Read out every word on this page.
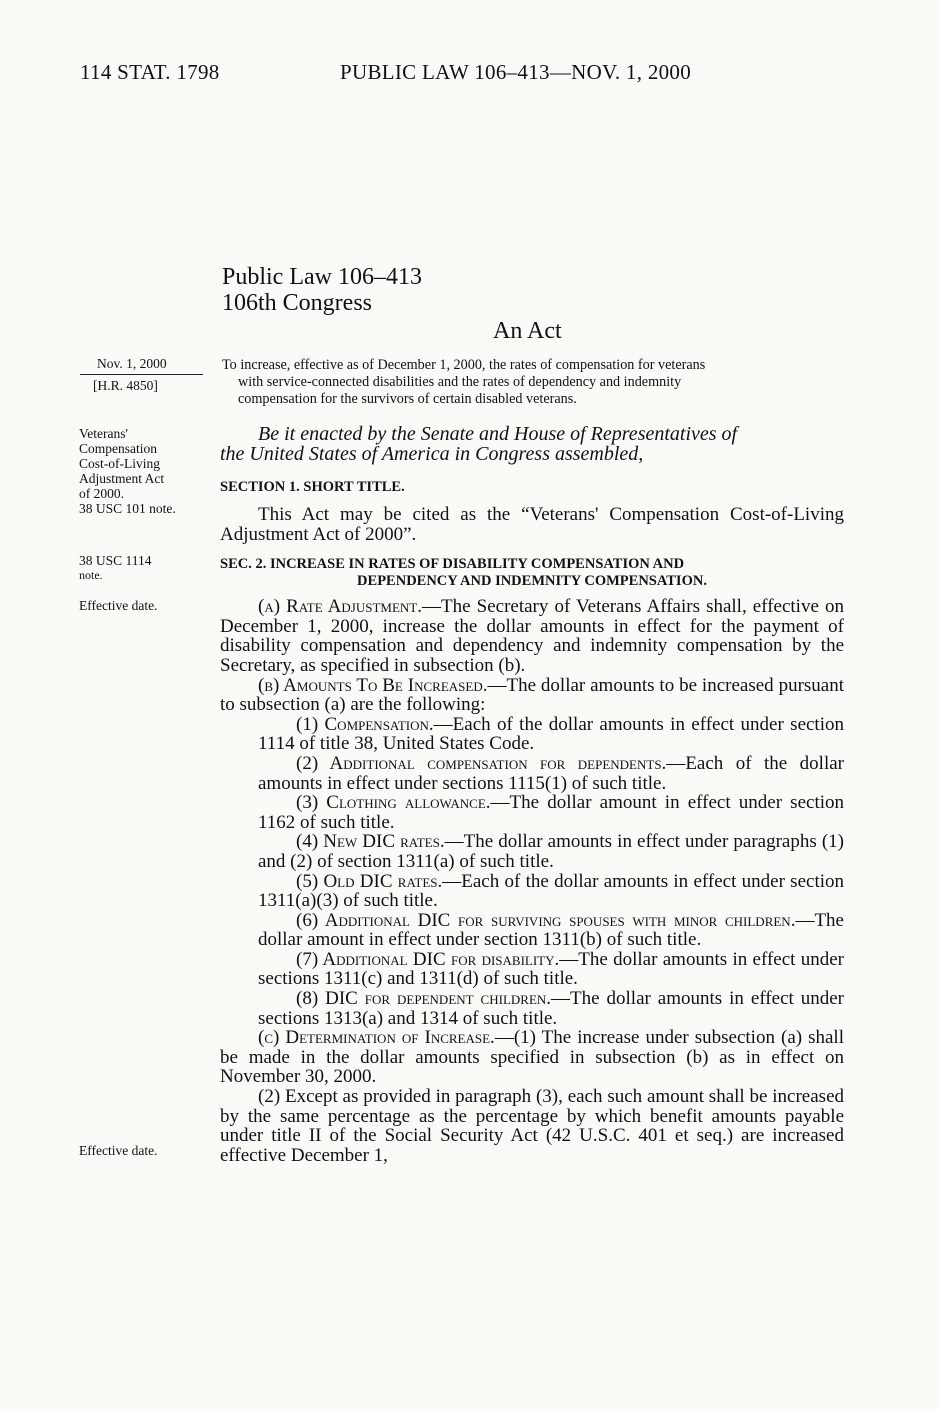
114 STAT. 1798	PUBLIC LAW 106–413—NOV. 1, 2000
Public Law 106–413
106th Congress
An Act
Nov. 1, 2000
[H.R. 4850]
Veterans'
Compensation
Cost-of-Living
Adjustment Act
of 2000.
38 USC 101 note.
38 USC 1114
note.
Effective date.
Effective date.
To increase, effective as of December 1, 2000, the rates of compensation for veterans
with service-connected disabilities and the rates of dependency and indemnity
compensation for the survivors of certain disabled veterans.
Be it enacted by the Senate and House of Representatives of
the United States of America in Congress assembled,
SECTION 1. SHORT TITLE.

This Act may be cited as the “Veterans' Compensation Cost-of-Living Adjustment Act of 2000”.

SEC. 2. INCREASE IN RATES OF DISABILITY COMPENSATION AND
DEPENDENCY AND INDEMNITY COMPENSATION.

(a) Rate Adjustment.—The Secretary of Veterans Affairs shall, effective on December 1, 2000, increase the dollar amounts in effect for the payment of disability compensation and dependency and indemnity compensation by the Secretary, as specified in subsection (b).

(b) Amounts To Be Increased.—The dollar amounts to be increased pursuant to subsection (a) are the following:

(1) Compensation.—Each of the dollar amounts in effect under section 1114 of title 38, United States Code.

(2) Additional compensation for dependents.—Each of the dollar amounts in effect under sections 1115(1) of such title.

(3) Clothing allowance.—The dollar amount in effect under section 1162 of such title.

(4) New DIC rates.—The dollar amounts in effect under paragraphs (1) and (2) of section 1311(a) of such title.

(5) Old DIC rates.—Each of the dollar amounts in effect under section 1311(a)(3) of such title.

(6) Additional DIC for surviving spouses with minor children.—The dollar amount in effect under section 1311(b) of such title.

(7) Additional DIC for disability.—The dollar amounts in effect under sections 1311(c) and 1311(d) of such title.

(8) DIC for dependent children.—The dollar amounts in effect under sections 1313(a) and 1314 of such title.

(c) Determination of Increase.—(1) The increase under subsection (a) shall be made in the dollar amounts specified in subsection (b) as in effect on November 30, 2000.

(2) Except as provided in paragraph (3), each such amount shall be increased by the same percentage as the percentage by which benefit amounts payable under title II of the Social Security Act (42 U.S.C. 401 et seq.) are increased effective December 1,
